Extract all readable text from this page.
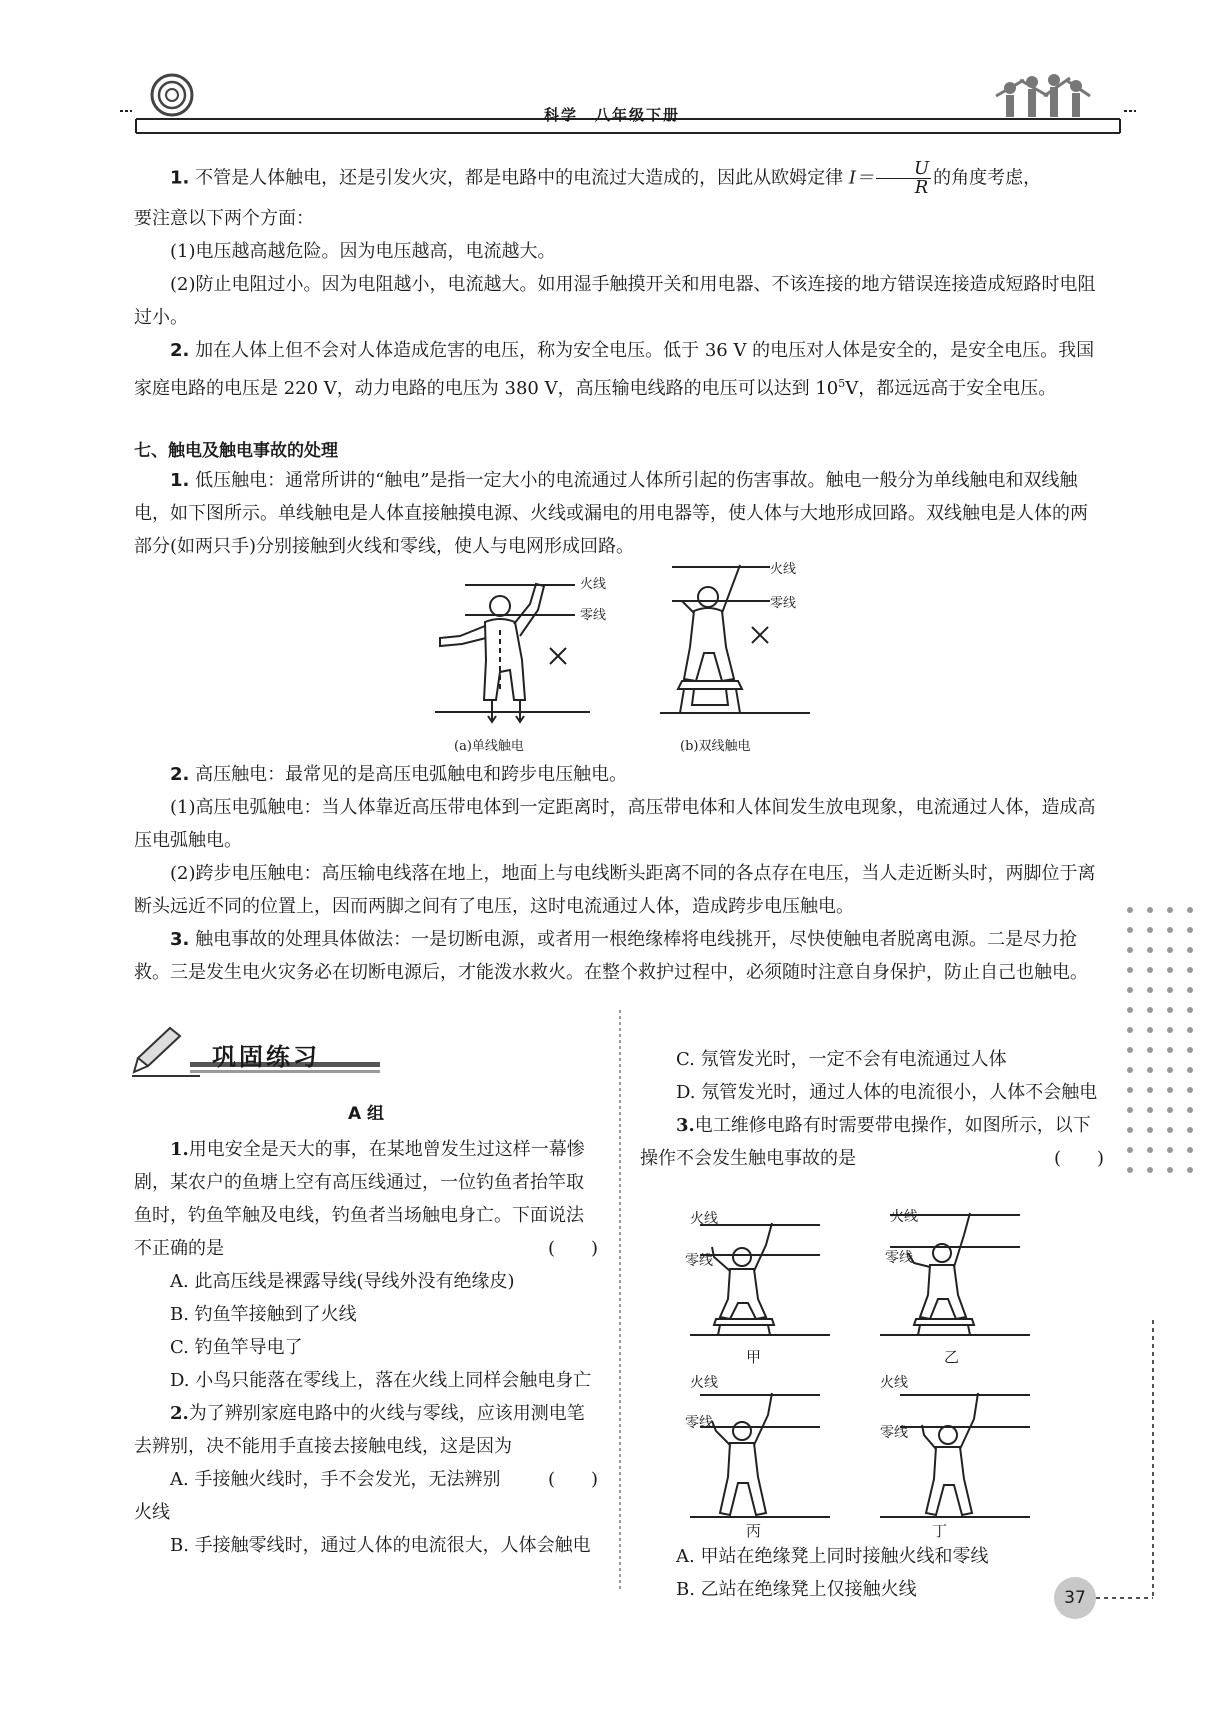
科学　八年级下册
1. 不管是人体触电，还是引发火灾，都是电路中的电流过大造成的，因此从欧姆定律 $I= \frac{U}{R}$ 的角度考虑，
要注意以下两个方面：
(1)电压越高越危险。因为电压越高，电流越大。
(2)防止电阻过小。因为电阻越小，电流越大。如用湿手触摸开关和用电器、不该连接的地方错误连接造成短路时电阻过小。
2. 加在人体上但不会对人体造成危害的电压，称为安全电压。低于 36 V 的电压对人体是安全的，是安全电压。我国家庭电路的电压是 220 V，动力电路的电压为 380 V，高压输电线路的电压可以达到 $10^5V$，都远远高于安全电压。
七、触电及触电事故的处理
1. 低压触电：通常所讲的“触电”是指一定大小的电流通过人体所引起的伤害事故。触电一般分为单线触电和双线触电，如下图所示。单线触电是人体直接触摸电源、火线或漏电的用电器等，使人体与大地形成回路。双线触电是人体的两部分(如两只手)分别接触到火线和零线，使人与电网形成回路。
火线
零线
(a)单线触电
火线
零线
(b)双线触电
2. 高压触电：最常见的是高压电弧触电和跨步电压触电。
(1)高压电弧触电：当人体靠近高压带电体到一定距离时，高压带电体和人体间发生放电现象，电流通过人体，造成高压电弧触电。
(2)跨步电压触电：高压输电线落在地上，地面上与电线断头距离不同的各点存在电压，当人走近断头时，两脚位于离断头远近不同的位置上，因而两脚之间有了电压，这时电流通过人体，造成跨步电压触电。
3. 触电事故的处理具体做法：一是切断电源，或者用一根绝缘棒将电线挑开，尽快使触电者脱离电源。二是尽力抢救。三是发生电火灾务必在切断电源后，才能泼水救火。在整个救护过程中，必须随时注意自身保护，防止自己也触电。
巩固练习

A 组

1.用电安全是天大的事，在某地曾发生过这样一幕惨剧，某农户的鱼塘上空有高压线通过，一位钓鱼者抬竿取鱼时，钓鱼竿触及电线，钓鱼者当场触电身亡。下面说法不正确的是	(　　)

A. 此高压线是裸露导线(导线外没有绝缘皮)

B. 钓鱼竿接触到了火线

C. 钓鱼竿导电了

D. 小鸟只能落在零线上，落在火线上同样会触电身亡

2.为了辨别家庭电路中的火线与零线，应该用测电笔去辨别，决不能用手直接去接触电线，这是因为
(　　)

A. 手接触火线时，手不会发光，无法辨别火线

B. 手接触零线时，通过人体的电流很大，人体会触电

C. 氖管发光时，一定不会有电流通过人体

D. 氖管发光时，通过人体的电流很小，人体不会触电

3.电工维修电路有时需要带电操作，如图所示，以下操作不会发生触电事故的是	(　　)

火线
零线
火线
零线
火线
零线
火线
零线
甲	乙
丙	丁

A. 甲站在绝缘凳上同时接触火线和零线

B. 乙站在绝缘凳上仅接触火线	37
